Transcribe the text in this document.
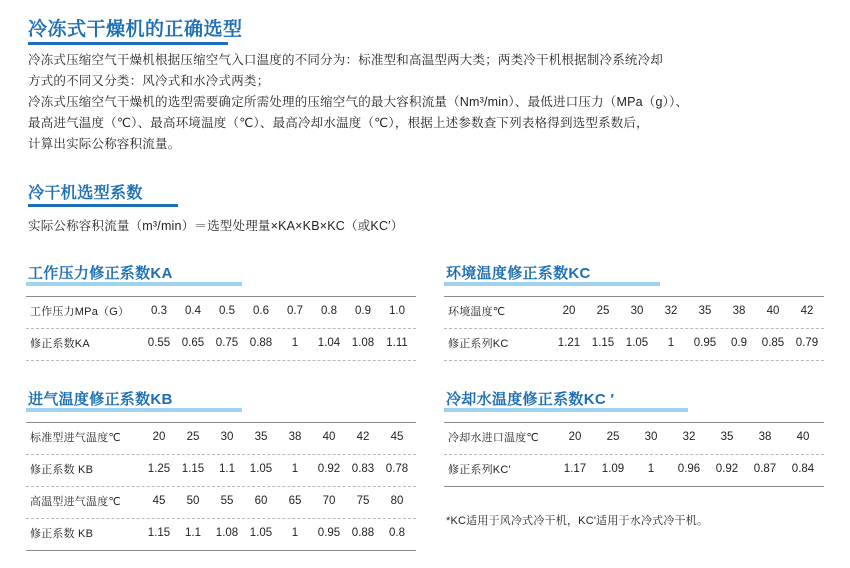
冷冻式干燥机的正确选型
冷冻式压缩空气干燥机根据压缩空气入口温度的不同分为：标准型和高温型两大类；两类冷干机根据制冷系统冷却
方式的不同又分类：风冷式和水冷式两类；
冷冻式压缩空气干燥机的选型需要确定所需处理的压缩空气的最大容积流量（Nm³/min）、最低进口压力（MPa（g））、
最高进气温度（℃）、最高环境温度（℃）、最高冷却水温度（℃），根据上述参数查下列表格得到选型系数后，
计算出实际公称容积流量。
冷干机选型系数
实际公称容积流量（m³/min）＝选型处理量×KA×KB×KC（或KC′）
工作压力修正系数KA
工作压力MPa（G）	0.3	0.4	0.5	0.6	0.7	0.8	0.9	1.0
修正系数KA	0.55	0.65	0.75	0.88	1	1.04	1.08	1.11
环境温度修正系数KC
环境温度℃	20	25	30	32	35	38	40	42
修正系列KC	1.21	1.15	1.05	1	0.95	0.9	0.85	0.79
进气温度修正系数KB
标准型进气温度℃	20	25	30	35	38	40	42	45
修正系数 KB	1.25	1.15	1.1	1.05	1	0.92	0.83	0.78
高温型进气温度℃	45	50	55	60	65	70	75	80
修正系数 KB	1.15	1.1	1.08	1.05	1	0.95	0.88	0.8
冷却水温度修正系数KC ′
冷却水进口温度℃	20	25	30	32	35	38	40
修正系列KC'	1.17	1.09	1	0.96	0.92	0.87	0.84
*KC适用于风冷式冷干机，KC'适用于水冷式冷干机。
